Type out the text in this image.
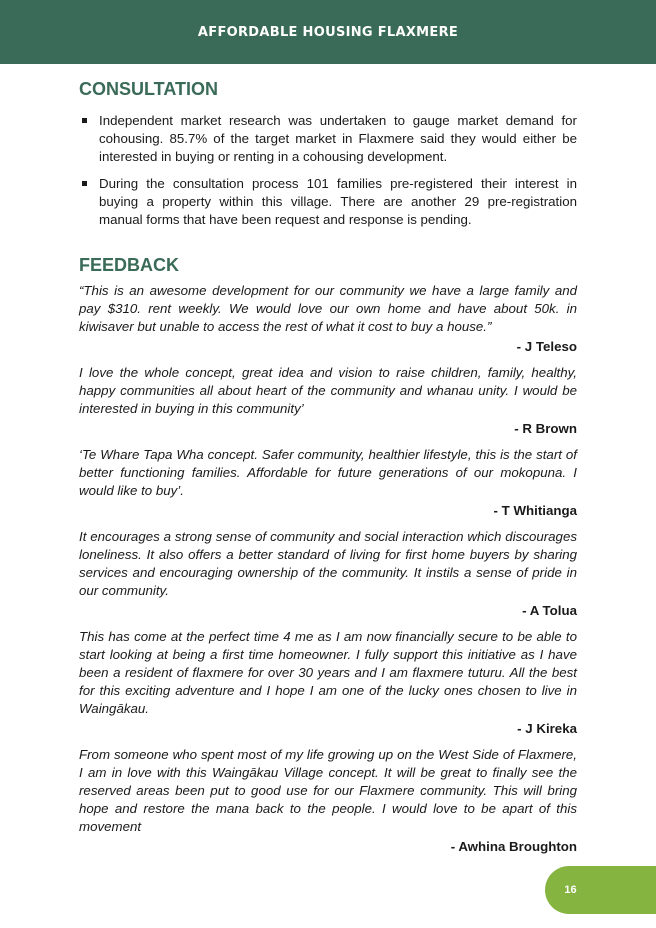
AFFORDABLE HOUSING FLAXMERE
CONSULTATION
Independent market research was undertaken to gauge market demand for cohousing. 85.7% of the target market in Flaxmere said they would either be interested in buying or renting in a cohousing development.
During the consultation process 101 families pre-registered their interest in buying a property within this village. There are another 29 pre-registration manual forms that have been request and response is pending.
FEEDBACK
“This is an awesome development for our community we have a large family and pay $310. rent weekly. We would love our own home and have about 50k. in kiwisaver but unable to access the rest of what it cost to buy a house.”
- J Teleso
I love the whole concept, great idea and vision to raise children, family, healthy, happy communities all about heart of the community and whanau unity. I would be interested in buying in this community’
- R Brown
‘Te Whare Tapa Wha concept. Safer community, healthier lifestyle, this is the start of better functioning families. Affordable for future generations of our mokopuna. I would like to buy’.
- T Whitianga
It encourages a strong sense of community and social interaction which discourages loneliness. It also offers a better standard of living for first home buyers by sharing services and encouraging ownership of the community. It instils a sense of pride in our community.
- A Tolua
This has come at the perfect time 4 me as I am now financially secure to be able to start looking at being a first time homeowner. I fully support this initiative as I have been a resident of flaxmere for over 30 years and I am flaxmere tuturu. All the best for this exciting adventure and I hope I am one of the lucky ones chosen to live in Waingākau.
- J Kireka
From someone who spent most of my life growing up on the West Side of Flaxmere, I am in love with this Waingākau Village concept. It will be great to finally see the reserved areas been put to good use for our Flaxmere community. This will bring hope and restore the mana back to the people. I would love to be apart of this movement
- Awhina Broughton
16
